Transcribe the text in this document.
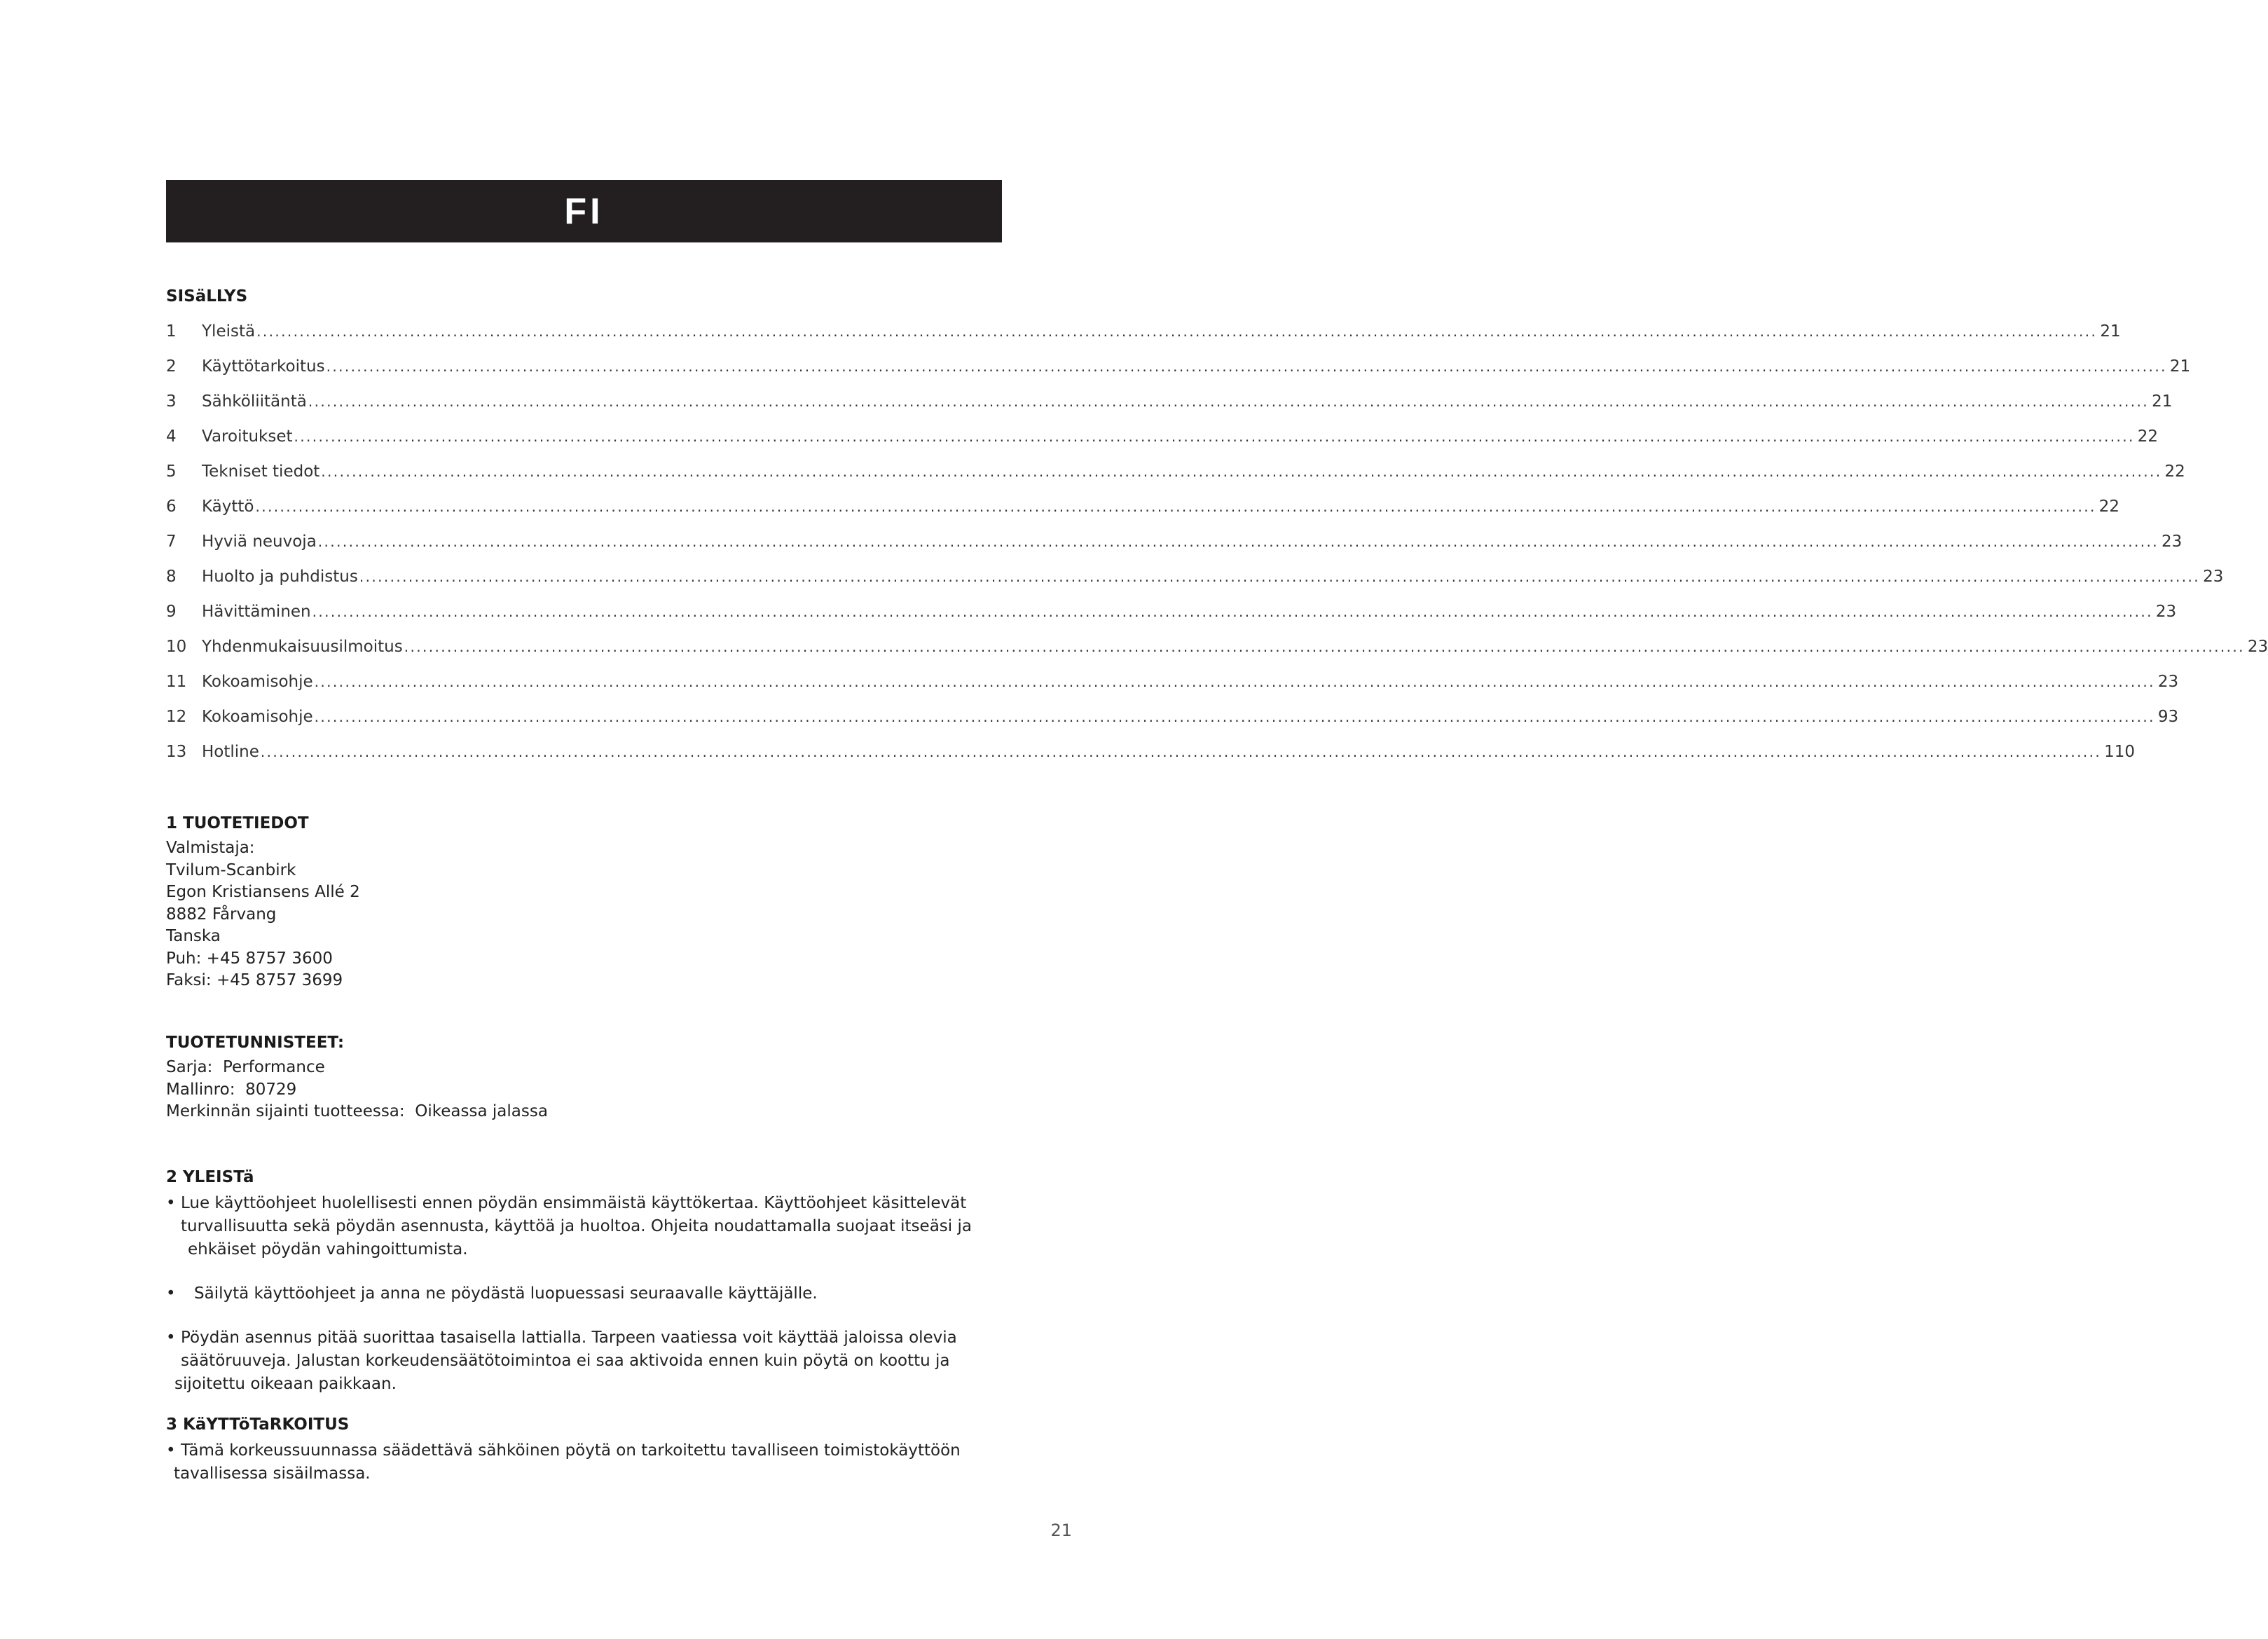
FI
SISäLLYS
1	Yleistä ............................................................................................................................................................................................................................................................................................................ 21
2	Käyttötarkoitus ............................................................................................................................................................................................................................................................................................................ 21
3	Sähköliitäntä ............................................................................................................................................................................................................................................................................................................ 21
4	Varoitukset ............................................................................................................................................................................................................................................................................................................ 22
5	Tekniset tiedot ............................................................................................................................................................................................................................................................................................................ 22
6	Käyttö ............................................................................................................................................................................................................................................................................................................ 22
7	Hyviä neuvoja ............................................................................................................................................................................................................................................................................................................ 23
8	Huolto ja puhdistus ............................................................................................................................................................................................................................................................................................................ 23
9	Hävittäminen ............................................................................................................................................................................................................................................................................................................ 23
10 Yhdenmukaisuusilmoitus ............................................................................................................................................................................................................................................................................................................ 23
11 Kokoamisohje ............................................................................................................................................................................................................................................................................................................ 23
12 Kokoamisohje ............................................................................................................................................................................................................................................................................................................ 93
13 Hotline ............................................................................................................................................................................................................................................................................................................ 110
1 TUOTETIEDOT
Valmistaja:
Tvilum-Scanbirk
Egon Kristiansens Allé 2
8882 Fårvang
Tanska
Puh: +45 8757 3600
Faksi: +45 8757 3699
TUOTETUNNISTEET:
Sarja:  Performance
Mallinro:  80729
Merkinnän sijainti tuotteessa:  Oikeassa jalassa
2 YLEISTä
• Lue käyttöohjeet huolellisesti ennen pöydän ensimmäistä käyttökertaa. Käyttöohjeet käsittelevät
turvallisuutta sekä pöydän asennusta, käyttöä ja huoltoa. Ohjeita noudattamalla suojaat itseäsi ja
ehkäiset pöydän vahingoittumista.
• Säilytä käyttöohjeet ja anna ne pöydästä luopuessasi seuraavalle käyttäjälle.
• Pöydän asennus pitää suorittaa tasaisella lattialla. Tarpeen vaatiessa voit käyttää jaloissa olevia
säätöruuveja. Jalustan korkeudensäätötoimintoa ei saa aktivoida ennen kuin pöytä on koottu ja
sijoitettu oikeaan paikkaan.
3 KäYTTöTaRKOITUS
• Tämä korkeussuunnassa säädettävä sähköinen pöytä on tarkoitettu tavalliseen toimistokäyttöön
tavallisessa sisäilmassa.
21
